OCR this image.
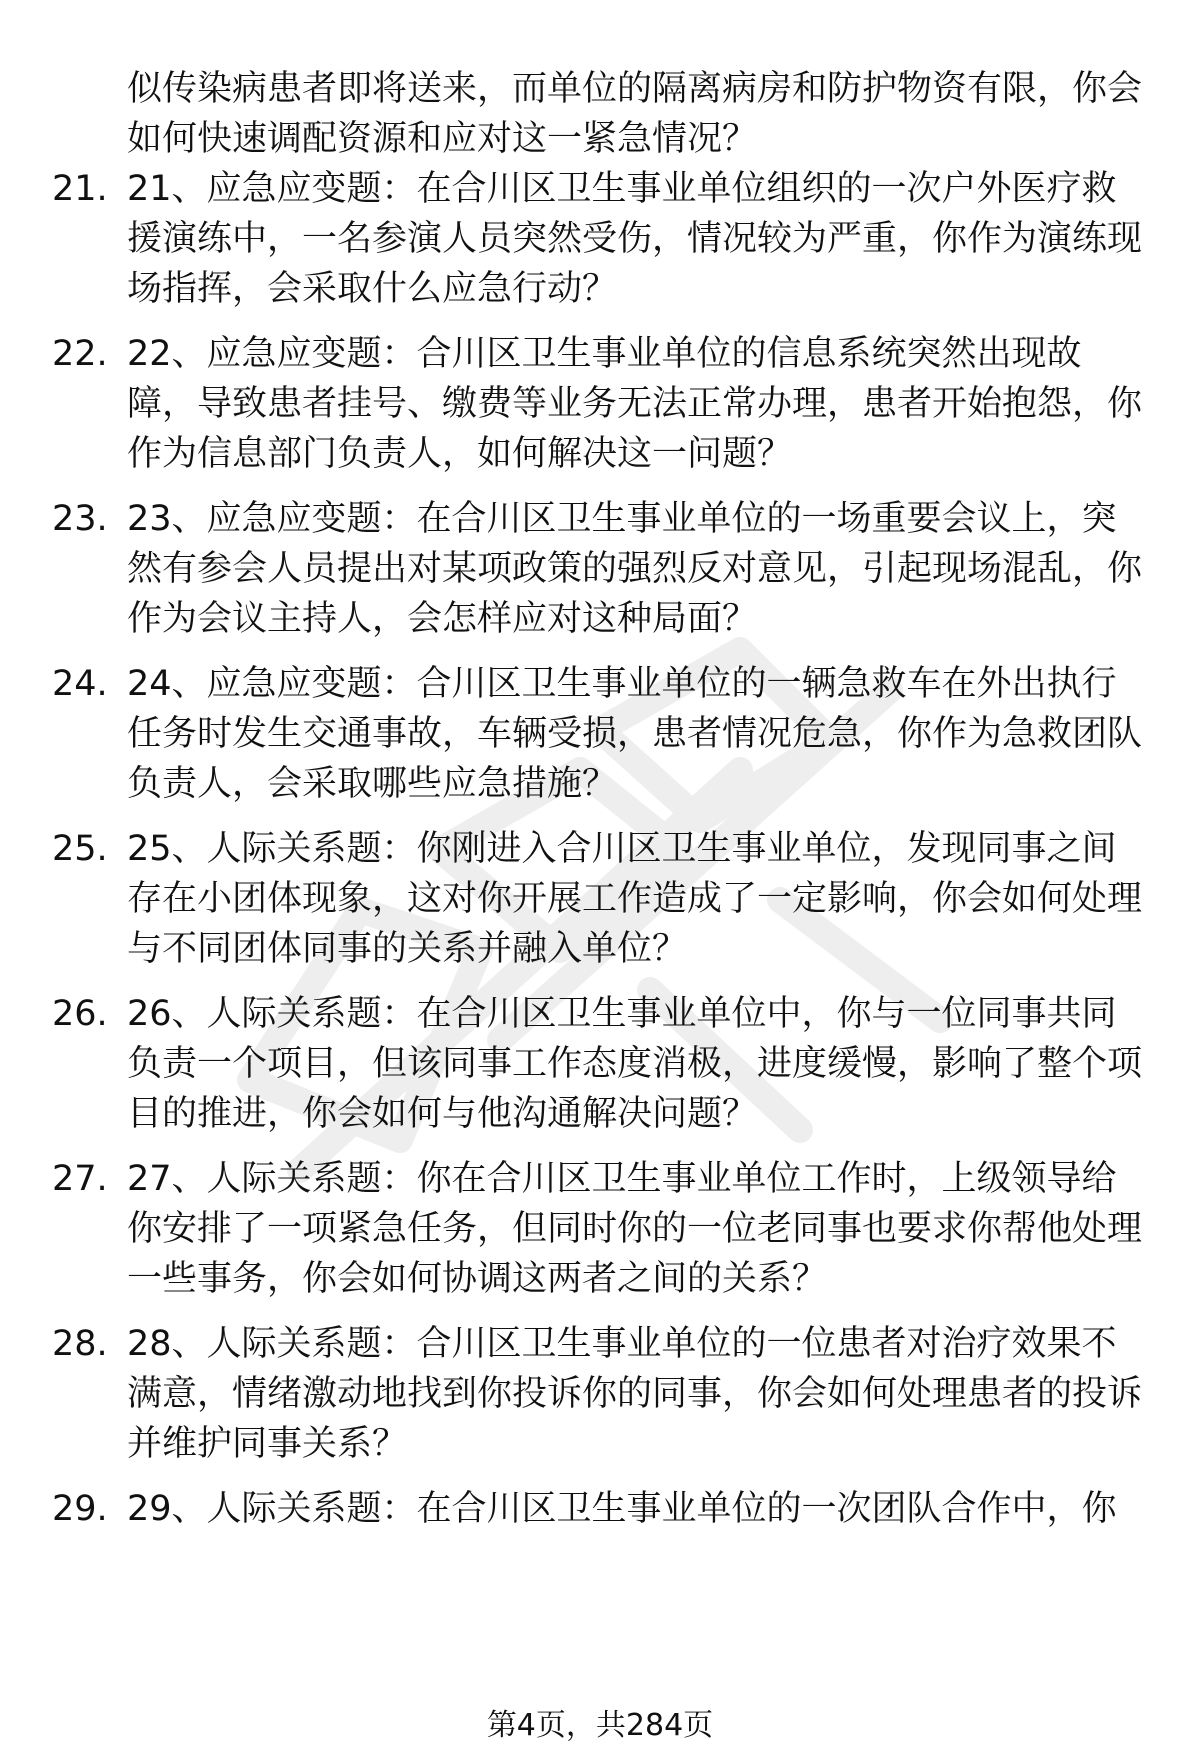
似传染病患者即将送来，而单位的隔离病房和防护物资有限，你会如何快速调配资源和应对这一紧急情况？
21. 21、应急应变题：在合川区卫生事业单位组织的一次户外医疗救援演练中，一名参演人员突然受伤，情况较为严重，你作为演练现场指挥，会采取什么应急行动？
22. 22、应急应变题：合川区卫生事业单位的信息系统突然出现故障，导致患者挂号、缴费等业务无法正常办理，患者开始抱怨，你作为信息部门负责人，如何解决这一问题？
23. 23、应急应变题：在合川区卫生事业单位的一场重要会议上，突然有参会人员提出对某项政策的强烈反对意见，引起现场混乱，你作为会议主持人，会怎样应对这种局面？
24. 24、应急应变题：合川区卫生事业单位的一辆急救车在外出执行任务时发生交通事故，车辆受损，患者情况危急，你作为急救团队负责人，会采取哪些应急措施？
25. 25、人际关系题：你刚进入合川区卫生事业单位，发现同事之间存在小团体现象，这对你开展工作造成了一定影响，你会如何处理与不同团体同事的关系并融入单位？
26. 26、人际关系题：在合川区卫生事业单位中，你与一位同事共同负责一个项目，但该同事工作态度消极，进度缓慢，影响了整个项目的推进，你会如何与他沟通解决问题？
27. 27、人际关系题：你在合川区卫生事业单位工作时，上级领导给你安排了一项紧急任务，但同时你的一位老同事也要求你帮他处理一些事务，你会如何协调这两者之间的关系？
28. 28、人际关系题：合川区卫生事业单位的一位患者对治疗效果不满意，情绪激动地找到你投诉你的同事，你会如何处理患者的投诉并维护同事关系？
29. 29、人际关系题：在合川区卫生事业单位的一次团队合作中，你
第4页，共284页
